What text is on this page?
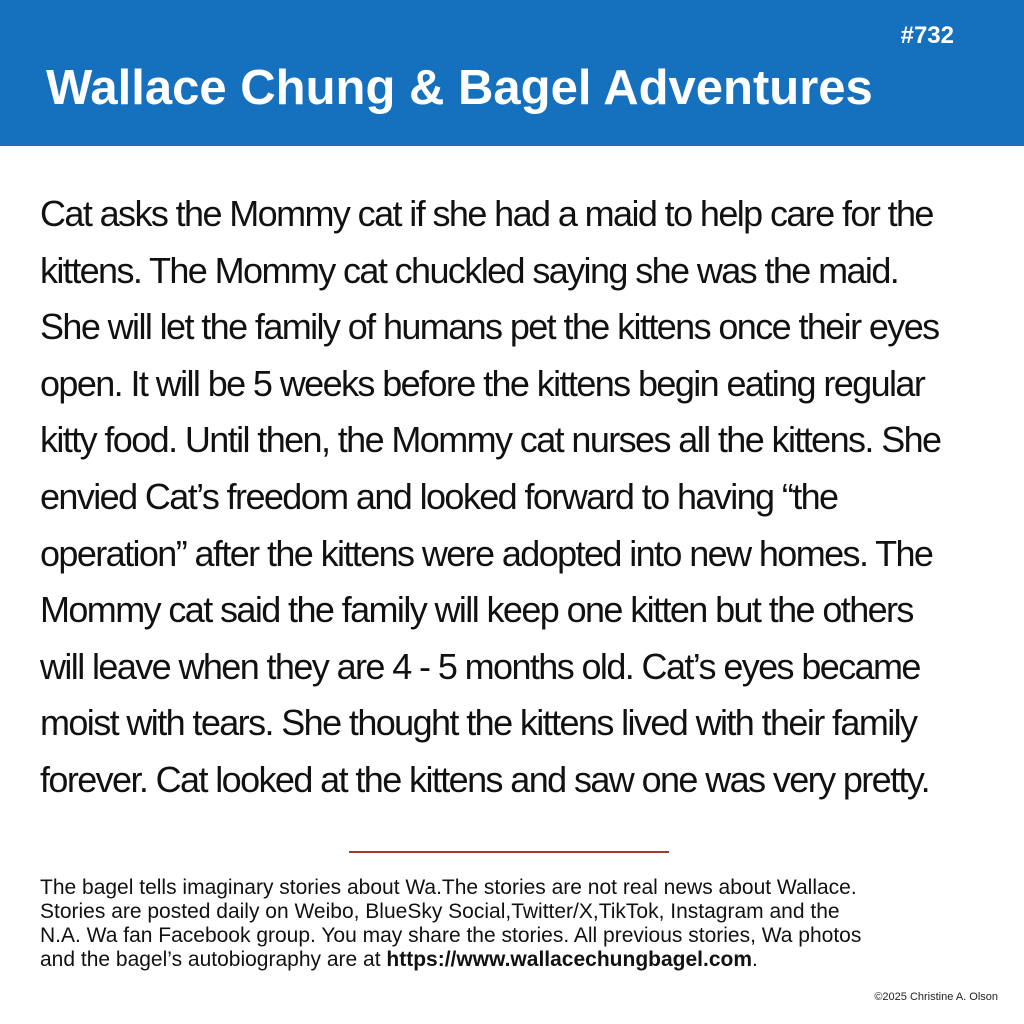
#732
Wallace Chung & Bagel Adventures
Cat asks the Mommy cat if she had a maid to help care for the
kittens. The Mommy cat chuckled saying she was the maid.
She will let the family of humans pet the kittens once their eyes
open. It will be 5 weeks before the kittens begin eating regular
kitty food. Until then, the Mommy cat nurses all the kittens. She
envied Cat’s freedom and looked forward to having “the
operation” after the kittens were adopted into new homes. The
Mommy cat said the family will keep one kitten but the others
will leave when they are 4 - 5 months old. Cat’s eyes became
moist with tears. She thought the kittens lived with their family
forever. Cat looked at the kittens and saw one was very pretty.
The bagel tells imaginary stories about Wa.The stories are not real news about Wallace.
Stories are posted daily on Weibo, BlueSky Social,Twitter/X,TikTok, Instagram and the
N.A. Wa fan Facebook group. You may share the stories. All previous stories, Wa photos
and the bagel’s autobiography are at https://www.wallacechungbagel.com.
©2025 Christine A. Olson
